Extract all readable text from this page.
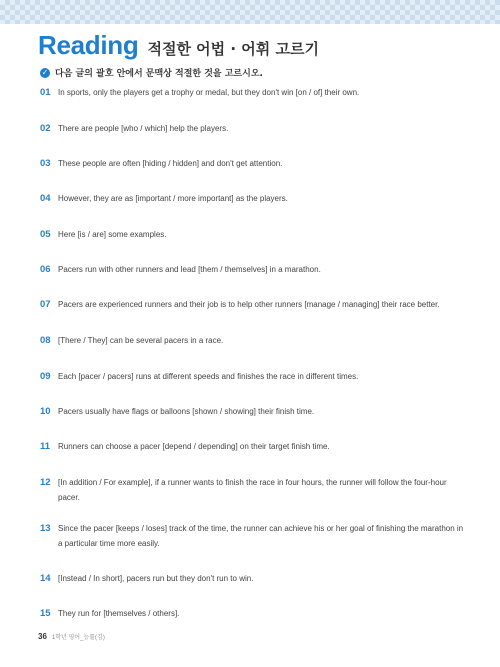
Reading 적절한 어법 · 어휘 고르기
✓ 다음 글의 괄호 안에서 문맥상 적절한 것을 고르시오.
01 In sports, only the players get a trophy or medal, but they don't win [on / of] their own.
02 There are people [who / which] help the players.
03 These people are often [hiding / hidden] and don't get attention.
04 However, they are as [important / more important] as the players.
05 Here [is / are] some examples.
06 Pacers run with other runners and lead [them / themselves] in a marathon.
07 Pacers are experienced runners and their job is to help other runners [manage / managing] their race better.
08 [There / They] can be several pacers in a race.
09 Each [pacer / pacers] runs at different speeds and finishes the race in different times.
10 Pacers usually have flags or balloons [shown / showing] their finish time.
11 Runners can choose a pacer [depend / depending] on their target finish time.
12 [In addition / For example], if a runner wants to finish the race in four hours, the runner will follow the four-hour pacer.
13 Since the pacer [keeps / loses] track of the time, the runner can achieve his or her goal of finishing the marathon in a particular time more easily.
14 [Instead / In short], pacers run but they don't run to win.
15 They run for [themselves / others].
36 1학년 영어_능률(김)
